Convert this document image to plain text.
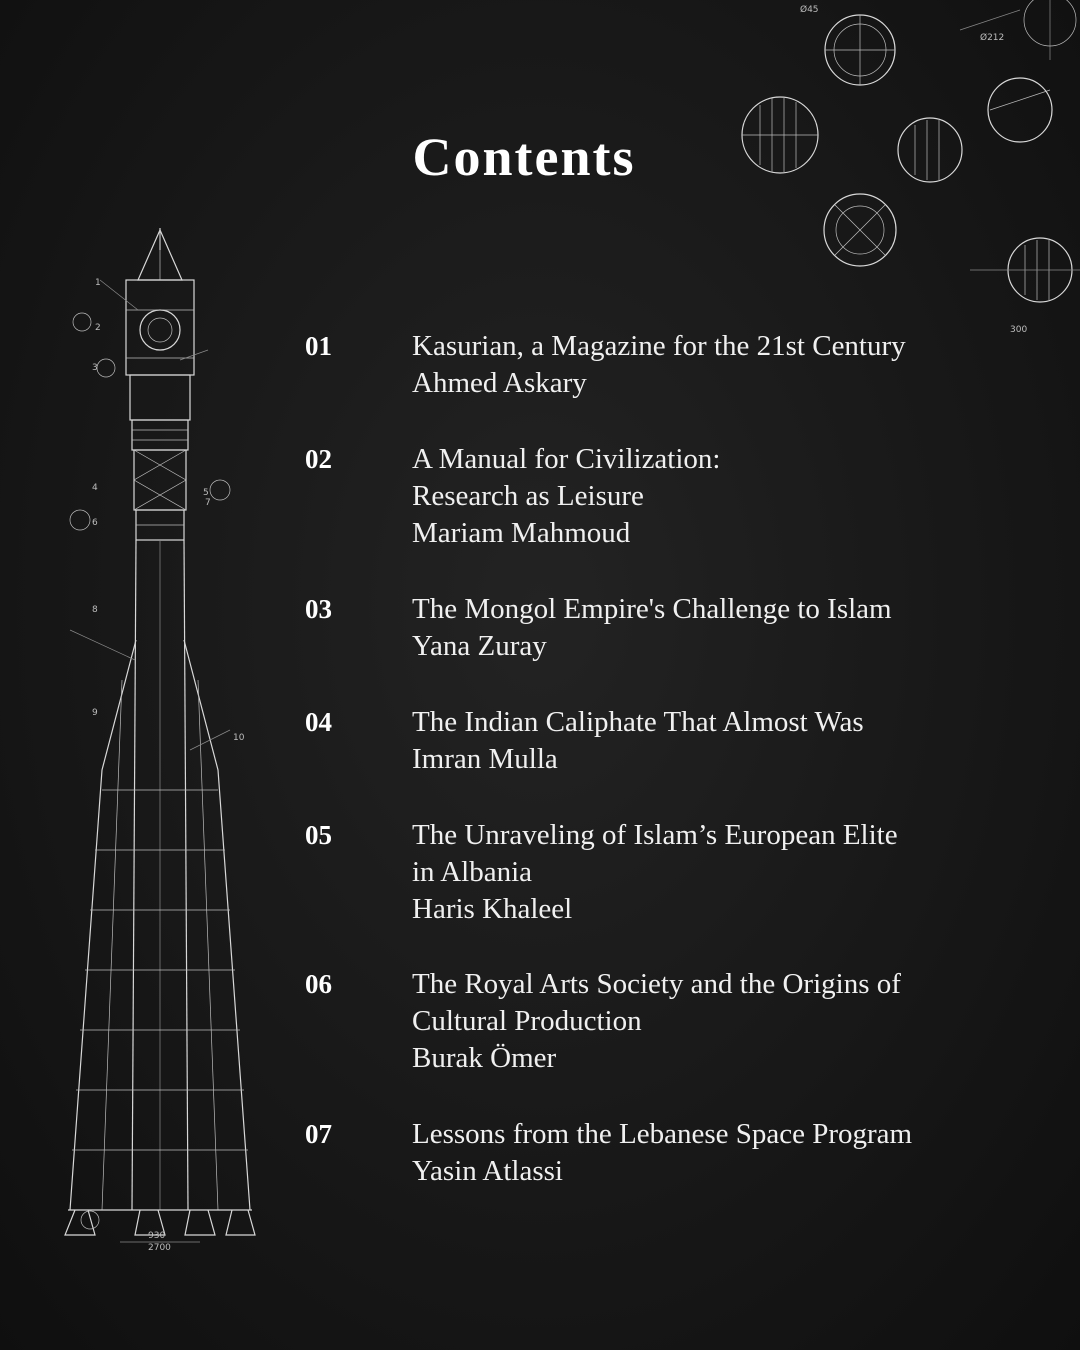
1
2
3
4	5
6
7
8
9
10
930
2700
Ø45
Ø212
300
Contents
01	Kasurian, a Magazine for the 21st Century
Ahmed Askary
02	A Manual for Civilization:
Research as Leisure
Mariam Mahmoud
03	The Mongol Empire's Challenge to Islam
Yana Zuray
04	The Indian Caliphate That Almost Was
Imran Mulla
05	The Unraveling of Islam’s European Elite
in Albania
Haris Khaleel
06	The Royal Arts Society and the Origins of
Cultural Production
Burak Ömer
07	Lessons from the Lebanese Space Program
Yasin Atlassi
